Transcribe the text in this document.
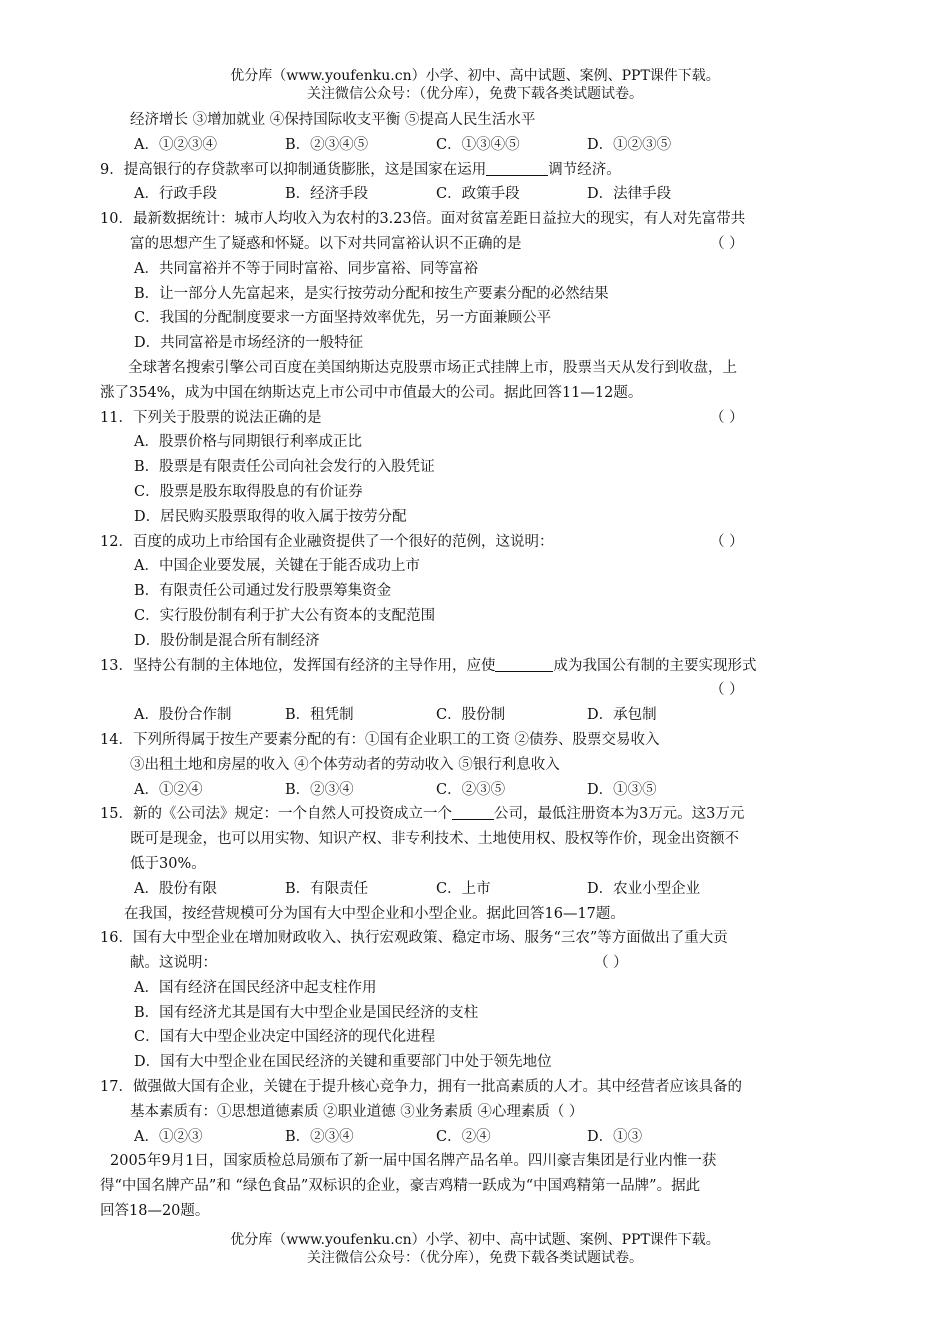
优分库（www.youfenku.cn）小学、初中、高中试题、案例、PPT课件下载。
关注微信公众号：（优分库），免费下载各类试题试卷。
经济增长 ③增加就业 ④保持国际收支平衡 ⑤提高人民生活水平
A．①②③④	B．②③④⑤	C．①③④⑤	D．①②③⑤
9．提高银行的存贷款率可以抑制通货膨胀，这是国家在运用	调节经济。
A．行政手段	B．经济手段	C．政策手段	D．法律手段
10．最新数据统计：城市人均收入为农村的3.23倍。面对贫富差距日益拉大的现实，有人对先富带共
富的思想产生了疑惑和怀疑。以下对共同富裕认识不正确的是	（ ）
A．共同富裕并不等于同时富裕、同步富裕、同等富裕
B．让一部分人先富起来，是实行按劳动分配和按生产要素分配的必然结果
C．我国的分配制度要求一方面坚持效率优先，另一方面兼顾公平
D．共同富裕是市场经济的一般特征
全球著名搜索引擎公司百度在美国纳斯达克股票市场正式挂牌上市，股票当天从发行到收盘，上
涨了354%，成为中国在纳斯达克上市公司中市值最大的公司。据此回答11—12题。
11．下列关于股票的说法正确的是	（ ）
A．股票价格与同期银行利率成正比
B．股票是有限责任公司向社会发行的入股凭证
C．股票是股东取得股息的有价证券
D．居民购买股票取得的收入属于按劳分配
12．百度的成功上市给国有企业融资提供了一个很好的范例，这说明：	（ ）
A．中国企业要发展，关键在于能否成功上市
B．有限责任公司通过发行股票筹集资金
C．实行股份制有利于扩大公有资本的支配范围
D．股份制是混合所有制经济
13．坚持公有制的主体地位，发挥国有经济的主导作用，应使	成为我国公有制的主要实现形式
（ ）
A．股份合作制	B．租凭制	C．股份制	D．承包制
14．下列所得属于按生产要素分配的有：①国有企业职工的工资 ②债券、股票交易收入
③出租土地和房屋的收入 ④个体劳动者的劳动收入 ⑤银行利息收入
A．①②④	B．②③④	C．②③⑤	D．①③⑤
15．新的《公司法》规定：一个自然人可投资成立一个	公司，最低注册资本为3万元。这3万元
既可是现金，也可以用实物、知识产权、非专利技术、土地使用权、股权等作价，现金出资额不
低于30%。
A．股份有限	B．有限责任	C．上市	D．农业小型企业
在我国，按经营规模可分为国有大中型企业和小型企业。据此回答16—17题。
16．国有大中型企业在增加财政收入、执行宏观政策、稳定市场、服务“三农”等方面做出了重大贡
献。这说明：	（ ）
A．国有经济在国民经济中起支柱作用
B．国有经济尤其是国有大中型企业是国民经济的支柱
C．国有大中型企业决定中国经济的现代化进程
D．国有大中型企业在国民经济的关键和重要部门中处于领先地位
17．做强做大国有企业，关键在于提升核心竞争力，拥有一批高素质的人才。其中经营者应该具备的
基本素质有：①思想道德素质 ②职业道德 ③业务素质 ④心理素质（ ）
A．①②③	B．②③④	C．②④	D．①③
2005年9月1日，国家质检总局颁布了新一届中国名牌产品名单。四川豪吉集团是行业内惟一获
得“中国名牌产品”和 “绿色食品”双标识的企业，豪吉鸡精一跃成为“中国鸡精第一品牌”。据此
回答18—20题。
优分库（www.youfenku.cn）小学、初中、高中试题、案例、PPT课件下载。
关注微信公众号：（优分库），免费下载各类试题试卷。
